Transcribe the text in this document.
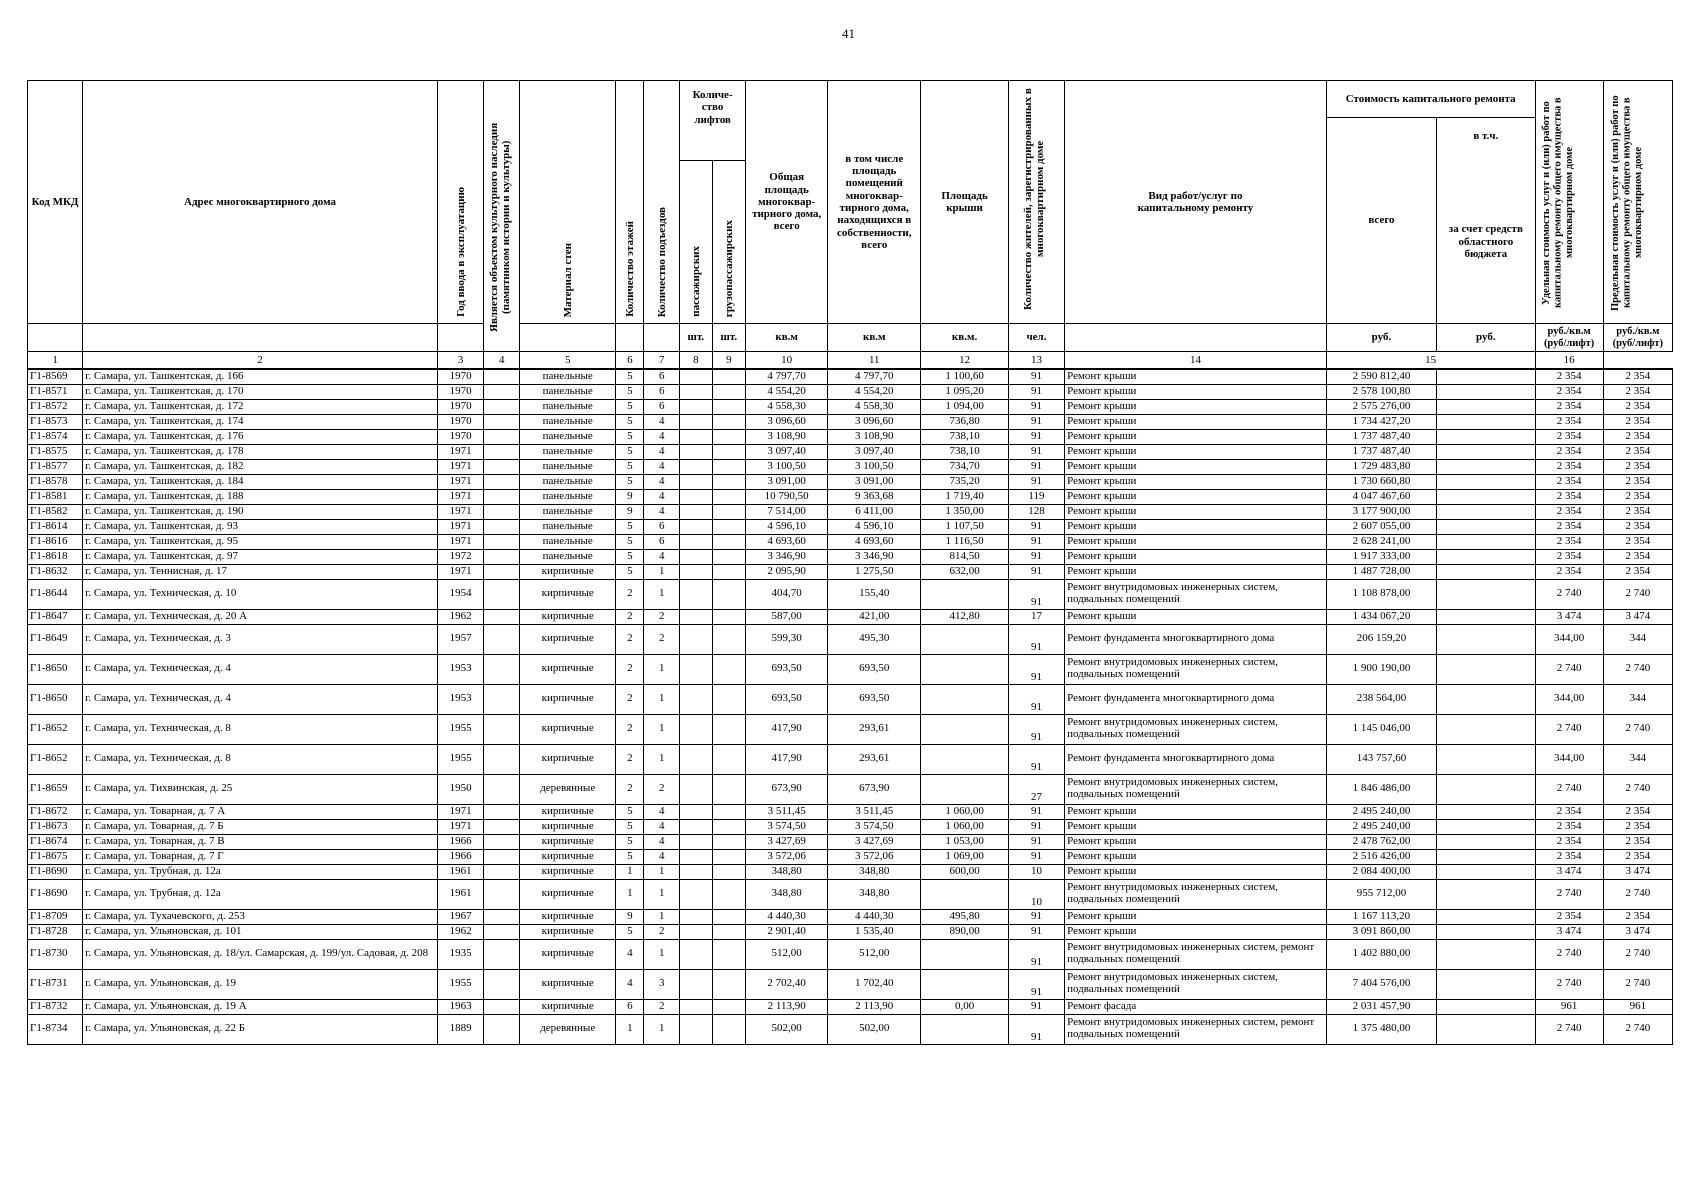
41
Код МКД	Адрес многоквартирного дома	Год ввода в эксплуатацию	Является объектом культурного наследия (памятником истории и культуры)	Материал стен	Количество этажей	Количество подъездов	Количе-ство лифтов		Общая площадь многоквар-тирного дома, всего	в том числе площадь помещений многоквар-тирного дома, находящихся в собственности, всего	Площадь крыши	Количество жителей, зарегистрированных в многоквартирном доме	Вид работ/услуг по капитальному ремонту	Стоимость капитального ремонта		Удельная стоимость услуг и (или) работ по капитальному ремонту общего имущества в многоквартирном доме	Предельная стоимость услуг и (или) работ по капитальному ремонту общего имущества в многоквартирном доме

														всего	в т.ч.		

							пассажирских	грузопассажирских							за счет средств областного бюджета		
							шт.	шт.	кв.м	кв.м	кв.м.	чел.		руб.	руб.	руб./кв.м (руб/лифт)	руб./кв.м (руб/лифт)
1	2	3	4	5	6	7	8	9	10	11	12	13	14	15		16	
Г1-8569	г. Самара, ул. Ташкентская, д. 166	1970		панельные	5	6			4 797,70	4 797,70	1 100,60	91	Ремонт крыши	2 590 812,40		2 354	2 354
Г1-8571	г. Самара, ул. Ташкентская, д. 170	1970		панельные	5	6			4 554,20	4 554,20	1 095,20	91	Ремонт крыши	2 578 100,80		2 354	2 354
Г1-8572	г. Самара, ул. Ташкентская, д. 172	1970		панельные	5	6			4 558,30	4 558,30	1 094,00	91	Ремонт крыши	2 575 276,00		2 354	2 354
Г1-8573	г. Самара, ул. Ташкентская, д. 174	1970		панельные	5	4			3 096,60	3 096,60	736,80	91	Ремонт крыши	1 734 427,20		2 354	2 354
Г1-8574	г. Самара, ул. Ташкентская, д. 176	1970		панельные	5	4			3 108,90	3 108,90	738,10	91	Ремонт крыши	1 737 487,40		2 354	2 354
Г1-8575	г. Самара, ул. Ташкентская, д. 178	1971		панельные	5	4			3 097,40	3 097,40	738,10	91	Ремонт крыши	1 737 487,40		2 354	2 354
Г1-8577	г. Самара, ул. Ташкентская, д. 182	1971		панельные	5	4			3 100,50	3 100,50	734,70	91	Ремонт крыши	1 729 483,80		2 354	2 354
Г1-8578	г. Самара, ул. Ташкентская, д. 184	1971		панельные	5	4			3 091,00	3 091,00	735,20	91	Ремонт крыши	1 730 660,80		2 354	2 354
Г1-8581	г. Самара, ул. Ташкентская, д. 188	1971		панельные	9	4			10 790,50	9 363,68	1 719,40	119	Ремонт крыши	4 047 467,60		2 354	2 354
Г1-8582	г. Самара, ул. Ташкентская, д. 190	1971		панельные	9	4			7 514,00	6 411,00	1 350,00	128	Ремонт крыши	3 177 900,00		2 354	2 354
Г1-8614	г. Самара, ул. Ташкентская, д. 93	1971		панельные	5	6			4 596,10	4 596,10	1 107,50	91	Ремонт крыши	2 607 055,00		2 354	2 354
Г1-8616	г. Самара, ул. Ташкентская, д. 95	1971		панельные	5	6			4 693,60	4 693,60	1 116,50	91	Ремонт крыши	2 628 241,00		2 354	2 354
Г1-8618	г. Самара, ул. Ташкентская, д. 97	1972		панельные	5	4			3 346,90	3 346,90	814,50	91	Ремонт крыши	1 917 333,00		2 354	2 354
Г1-8632	г. Самара, ул. Теннисная, д. 17	1971		кирпичные	5	1			2 095,90	1 275,50	632,00	91	Ремонт крыши	1 487 728,00		2 354	2 354
Г1-8644	г. Самара, ул. Техническая, д. 10	1954		кирпичные	2	1			404,70	155,40		91	Ремонт внутридомовых инженерных систем, подвальных помещений	1 108 878,00		2 740	2 740
Г1-8647	г. Самара, ул. Техническая, д. 20 А	1962		кирпичные	2	2			587,00	421,00	412,80	17	Ремонт крыши	1 434 067,20		3 474	3 474
Г1-8649	г. Самара, ул. Техническая, д. 3	1957		кирпичные	2	2			599,30	495,30		91	Ремонт фундамента многоквартирного дома	206 159,20		344,00	344
Г1-8650	г. Самара, ул. Техническая, д. 4	1953		кирпичные	2	1			693,50	693,50		91	Ремонт внутридомовых инженерных систем, подвальных помещений	1 900 190,00		2 740	2 740
Г1-8650	г. Самара, ул. Техническая, д. 4	1953		кирпичные	2	1			693,50	693,50		91	Ремонт фундамента многоквартирного дома	238 564,00		344,00	344
Г1-8652	г. Самара, ул. Техническая, д. 8	1955		кирпичные	2	1			417,90	293,61		91	Ремонт внутридомовых инженерных систем, подвальных помещений	1 145 046,00		2 740	2 740
Г1-8652	г. Самара, ул. Техническая, д. 8	1955		кирпичные	2	1			417,90	293,61		91	Ремонт фундамента многоквартирного дома	143 757,60		344,00	344
Г1-8659	г. Самара, ул. Тихвинская, д. 25	1950		деревянные	2	2			673,90	673,90		27	Ремонт внутридомовых инженерных систем, подвальных помещений	1 846 486,00		2 740	2 740
Г1-8672	г. Самара, ул. Товарная, д. 7 А	1971		кирпичные	5	4			3 511,45	3 511,45	1 060,00	91	Ремонт крыши	2 495 240,00		2 354	2 354
Г1-8673	г. Самара, ул. Товарная, д. 7 Б	1971		кирпичные	5	4			3 574,50	3 574,50	1 060,00	91	Ремонт крыши	2 495 240,00		2 354	2 354
Г1-8674	г. Самара, ул. Товарная, д. 7 В	1966		кирпичные	5	4			3 427,69	3 427,69	1 053,00	91	Ремонт крыши	2 478 762,00		2 354	2 354
Г1-8675	г. Самара, ул. Товарная, д. 7 Г	1966		кирпичные	5	4			3 572,06	3 572,06	1 069,00	91	Ремонт крыши	2 516 426,00		2 354	2 354
Г1-8690	г. Самара, ул. Трубная, д. 12а	1961		кирпичные	1	1			348,80	348,80	600,00	10	Ремонт крыши	2 084 400,00		3 474	3 474
Г1-8690	г. Самара, ул. Трубная, д. 12а	1961		кирпичные	1	1			348,80	348,80		10	Ремонт внутридомовых инженерных систем, подвальных помещений	955 712,00		2 740	2 740
Г1-8709	г. Самара, ул. Тухачевского, д. 253	1967		кирпичные	9	1			4 440,30	4 440,30	495,80	91	Ремонт крыши	1 167 113,20		2 354	2 354
Г1-8728	г. Самара, ул. Ульяновская, д. 101	1962		кирпичные	5	2			2 901,40	1 535,40	890,00	91	Ремонт крыши	3 091 860,00		3 474	3 474
Г1-8730	г. Самара, ул. Ульяновская, д. 18/ул. Самарская, д. 199/ул. Садовая, д. 208	1935		кирпичные	4	1			512,00	512,00		91	Ремонт внутридомовых инженерных систем, ремонт подвальных помещений	1 402 880,00		2 740	2 740
Г1-8731	г. Самара, ул. Ульяновская, д. 19	1955		кирпичные	4	3			2 702,40	1 702,40		91	Ремонт внутридомовых инженерных систем, подвальных помещений	7 404 576,00		2 740	2 740
Г1-8732	г. Самара, ул. Ульяновская, д. 19 А	1963		кирпичные	6	2			2 113,90	2 113,90	0,00	91	Ремонт фасада	2 031 457,90		961	961
Г1-8734	г. Самара, ул. Ульяновская, д. 22 Б	1889		деревянные	1	1			502,00	502,00		91	Ремонт внутридомовых инженерных систем, ремонт подвальных помещений	1 375 480,00		2 740	2 740
